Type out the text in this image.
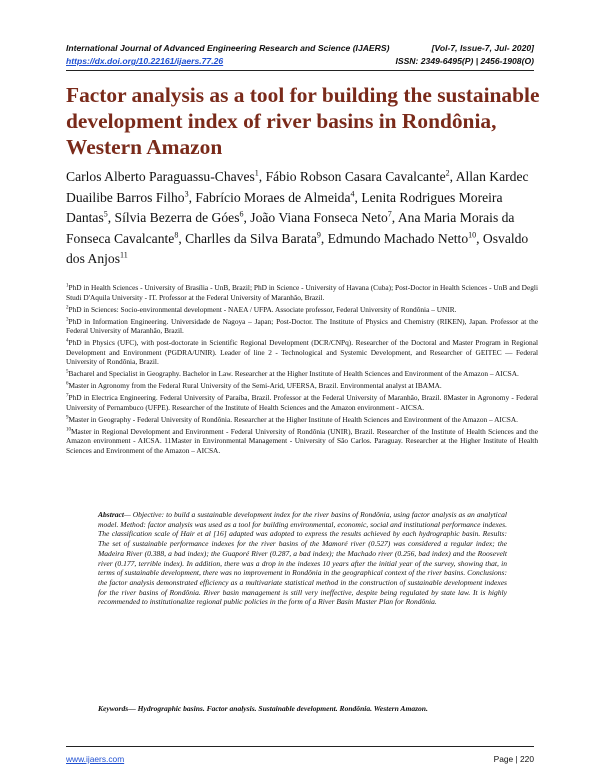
International Journal of Advanced Engineering Research and Science (IJAERS)	[Vol-7, Issue-7, Jul- 2020]
https://dx.doi.org/10.22161/ijaers.77.26	ISSN: 2349-6495(P) | 2456-1908(O)
Factor analysis as a tool for building the sustainable development index of river basins in Rondônia, Western Amazon
Carlos Alberto Paraguassu-Chaves$^1$, Fábio Robson Casara Cavalcante$^2$, Allan Kardec Duailibe Barros Filho$^3$, Fabrício Moraes de Almeida$^4$, Lenita Rodrigues Moreira Dantas$^5$, Sílvia Bezerra de Góes$^6$, João Viana Fonseca Neto$^7$, Ana Maria Morais da Fonseca Cavalcante$^8$, Charlles da Silva Barata$^9$, Edmundo Machado Netto$^{10}$, Osvaldo dos Anjos$^{11}$

$^1$PhD in Health Sciences - University of Brasília - UnB, Brazil; PhD in Science - University of Havana (Cuba); Post-Doctor in Health Sciences - UnB and Degli Studi D'Aquila University - IT. Professor at the Federal University of Maranhão, Brazil.

$^2$PhD in Sciences: Socio-environmental development - NAEA / UFPA. Associate professor, Federal University of Rondônia – UNIR.

$^3$PhD in Information Engineering. Universidade de Nagoya – Japan; Post-Doctor. The Institute of Physics and Chemistry (RIKEN), Japan. Professor at the Federal University of Maranhão, Brazil.

$^4$PhD in Physics (UFC), with post-doctorate in Scientific Regional Development (DCR/CNPq). Researcher of the Doctoral and Master Program in Regional Development and Environment (PGDRA/UNIR). Leader of line 2 - Technological and Systemic Development, and Researcher of GEITEC — Federal University of Rondônia, Brazil.

$^5$Bacharel and Specialist in Geography. Bachelor in Law. Researcher at the Higher Institute of Health Sciences and Environment of the Amazon – AICSA.

$^6$Master in Agronomy from the Federal Rural University of the Semi-Arid, UFERSA, Brazil. Environmental analyst at IBAMA.

$^7$PhD in Electrica Engineering. Federal University of Paraíba, Brazil. Professor at the Federal University of Maranhão, Brazil. 8Master in Agronomy - Federal University of Pernambuco (UFPE). Researcher of the Institute of Health Sciences and the Amazon environment - AICSA.

$^9$Master in Geography - Federal University of Rondônia. Researcher at the Higher Institute of Health Sciences and Environment of the Amazon – AICSA.

$^{10}$Master in Regional Development and Environment - Federal University of Rondônia (UNIR), Brazil. Researcher of the Institute of Health Sciences and the Amazon environment - AICSA. 11Master in Environmental Management - University of São Carlos. Paraguay. Researcher at the Higher Institute of Health Sciences and Environment of the Amazon – AICSA.

Abstract— Objective: to build a sustainable development index for the river basins of Rondônia, using factor analysis as an analytical model. Method: factor analysis was used as a tool for building environmental, economic, social and institutional performance indexes. The classification scale of Hair et al [16] adapted was adopted to express the results achieved by each hydrographic basin. Results: The set of sustainable performance indexes for the river basins of the Mamoré river (0.527) was considered a regular index; the Madeira River (0.388, a bad index); the Guaporé River (0.287, a bad index); the Machado river (0.256, bad index) and the Roosevelt river (0.177, terrible index). In addition, there was a drop in the indexes 10 years after the initial year of the survey, showing that, in terms of sustainable development, there was no improvement in Rondônia in the geographical context of the river basins. Conclusions: the factor analysis demonstrated efficiency as a multivariate statistical method in the construction of sustainable development indexes for the river basins of Rondônia. River basin management is still very ineffective, despite being regulated by state law. It is highly recommended to institutionalize regional public policies in the form of a River Basin Master Plan for Rondônia.
Keywords— Hydrographic basins. Factor analysis. Sustainable development. Rondônia. Western Amazon.
www.ijaers.com	Page | 220
